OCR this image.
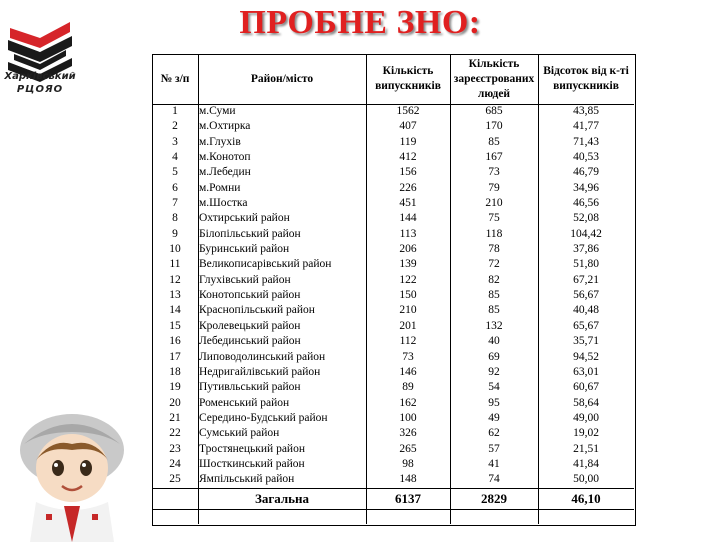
ПРОБНЕ ЗНО:
Харківський
РЦОЯО
№ з/п	Район/місто	Кількість випускників	Кількість зареєстрованих людей	Відсоток від к-ті випускників
1	м.Суми	1562	685	43,85
2	м.Охтирка	407	170	41,77
3	м.Глухів	119	85	71,43
4	м.Конотоп	412	167	40,53
5	м.Лебедин	156	73	46,79
6	м.Ромни	226	79	34,96
7	м.Шостка	451	210	46,56
8	Охтирський район	144	75	52,08
9	Білопільський район	113	118	104,42
10	Буринський район	206	78	37,86
11	Великописарівський район	139	72	51,80
12	Глухівський район	122	82	67,21
13	Конотопський район	150	85	56,67
14	Краснопільський район	210	85	40,48
15	Кролевецький район	201	132	65,67
16	Лебединський район	112	40	35,71
17	Липоводолинський район	73	69	94,52
18	Недригайлівський район	146	92	63,01
19	Путивльський район	89	54	60,67
20	Роменський район	162	95	58,64
21	Середино-Будський район	100	49	49,00
22	Сумський район	326	62	19,02
23	Тростянецький район	265	57	21,51
24	Шосткинський район	98	41	41,84
25	Ямпільський район	148	74	50,00
	Загальна	6137	2829	46,10
